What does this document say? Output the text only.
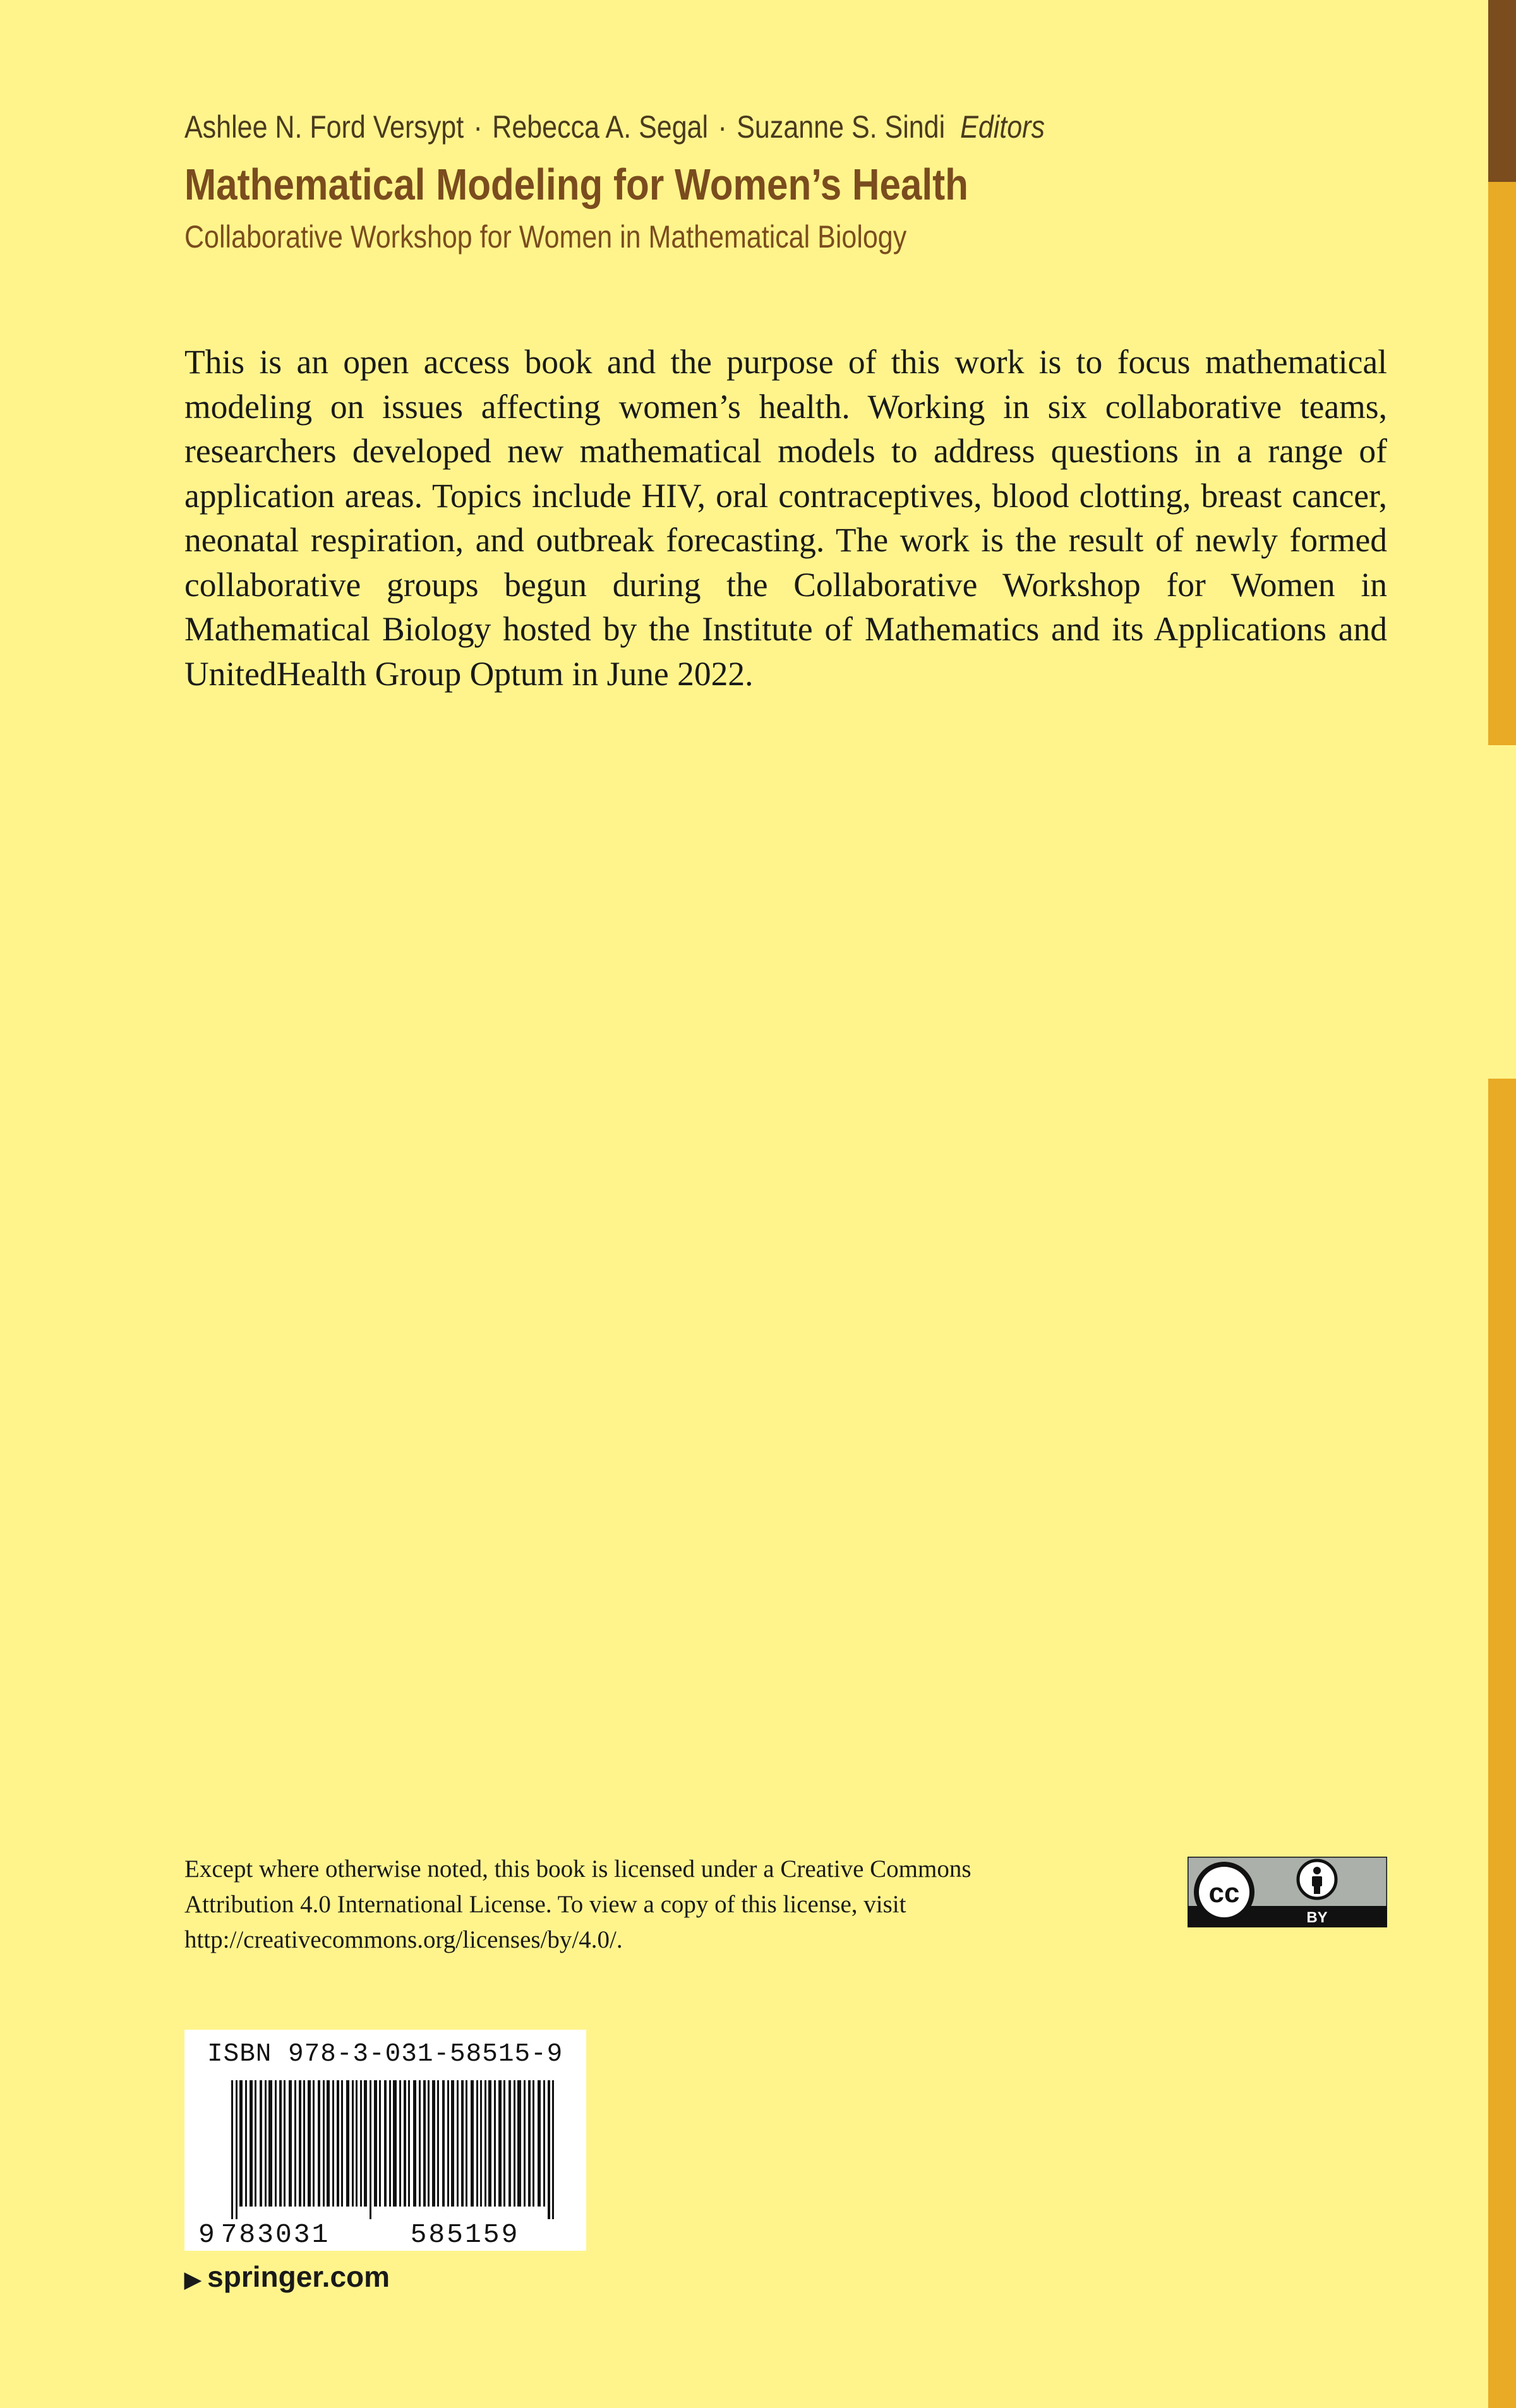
Ashlee N. Ford Versypt · Rebecca A. Segal · Suzanne S. Sindi Editors
Mathematical Modeling for Women’s Health
Collaborative Workshop for Women in Mathematical Biology

This is an open access book and the purpose of this work is to focus mathematical modeling on issues affecting women’s health. Working in six collaborative teams, researchers developed new mathematical models to address questions in a range of application areas. Topics include HIV, oral contraceptives, blood clotting, breast cancer, neonatal respiration, and outbreak forecasting. The work is the result of newly formed collaborative groups begun during the Collaborative Workshop for Women in Mathematical Biology hosted by the Institute of Mathematics and its Applications and UnitedHealth Group Optum in June 2022.

Except where otherwise noted, this book is licensed under a Creative Commons Attribution 4.0 International License. To view a copy of this license, visit http://creativecommons.org/licenses/by/4.0/.

cc
BY
ISBN 978-3-031-58515-9
9 783031	585159
▶ springer.com
